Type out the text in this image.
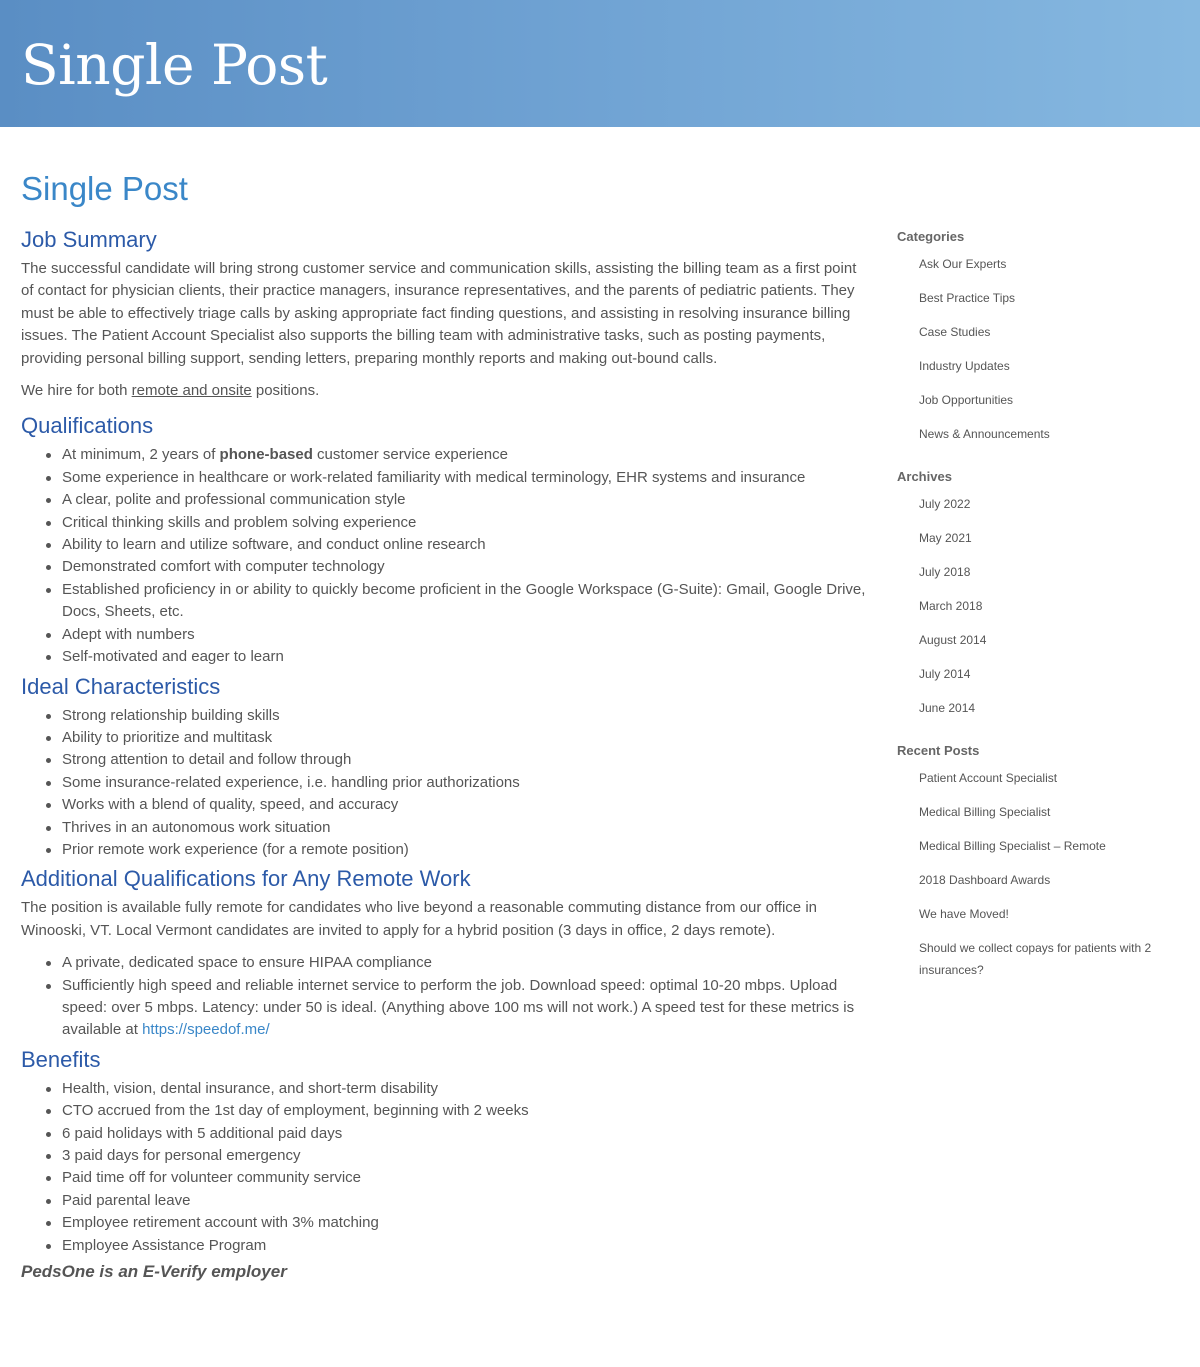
Single Post
Single Post
Job Summary

The successful candidate will bring strong customer service and communication skills, assisting the billing team as a first point of contact for physician clients, their practice managers, insurance representatives, and the parents of pediatric patients. They must be able to effectively triage calls by asking appropriate fact finding questions, and assisting in resolving insurance billing issues. The Patient Account Specialist also supports the billing team with administrative tasks, such as posting payments, providing personal billing support, sending letters, preparing monthly reports and making out-bound calls.

We hire for both remote and onsite positions.

Qualifications
At minimum, 2 years of phone-based customer service experience
Some experience in healthcare or work-related familiarity with medical terminology, EHR systems and insurance
A clear, polite and professional communication style
Critical thinking skills and problem solving experience
Ability to learn and utilize software, and conduct online research
Demonstrated comfort with computer technology
Established proficiency in or ability to quickly become proficient in the Google Workspace (G-Suite): Gmail, Google Drive, Docs, Sheets, etc.
Adept with numbers
Self-motivated and eager to learn
Ideal Characteristics
Strong relationship building skills
Ability to prioritize and multitask
Strong attention to detail and follow through
Some insurance-related experience, i.e. handling prior authorizations
Works with a blend of quality, speed, and accuracy
Thrives in an autonomous work situation
Prior remote work experience (for a remote position)
Additional Qualifications for Any Remote Work

The position is available fully remote for candidates who live beyond a reasonable commuting distance from our office in Winooski, VT. Local Vermont candidates are invited to apply for a hybrid position (3 days in office, 2 days remote).

A private, dedicated space to ensure HIPAA compliance
Sufficiently high speed and reliable internet service to perform the job. Download speed: optimal 10-20 mbps. Upload speed: over 5 mbps. Latency: under 50 is ideal. (Anything above 100 ms will not work.) A speed test for these metrics is available at https://speedof.me/
Benefits
Health, vision, dental insurance, and short-term disability
CTO accrued from the 1st day of employment, beginning with 2 weeks
6 paid holidays with 5 additional paid days
3 paid days for personal emergency
Paid time off for volunteer community service
Paid parental leave
Employee retirement account with 3% matching
Employee Assistance Program

PedsOne is an E-Verify employer

Categories
Ask Our Experts
Best Practice Tips
Case Studies
Industry Updates
Job Opportunities
News & Announcements
Archives
July 2022
May 2021
July 2018
March 2018
August 2014
July 2014
June 2014
Recent Posts
Patient Account Specialist
Medical Billing Specialist
Medical Billing Specialist – Remote
2018 Dashboard Awards
We have Moved!
Should we collect copays for patients with 2 insurances?
